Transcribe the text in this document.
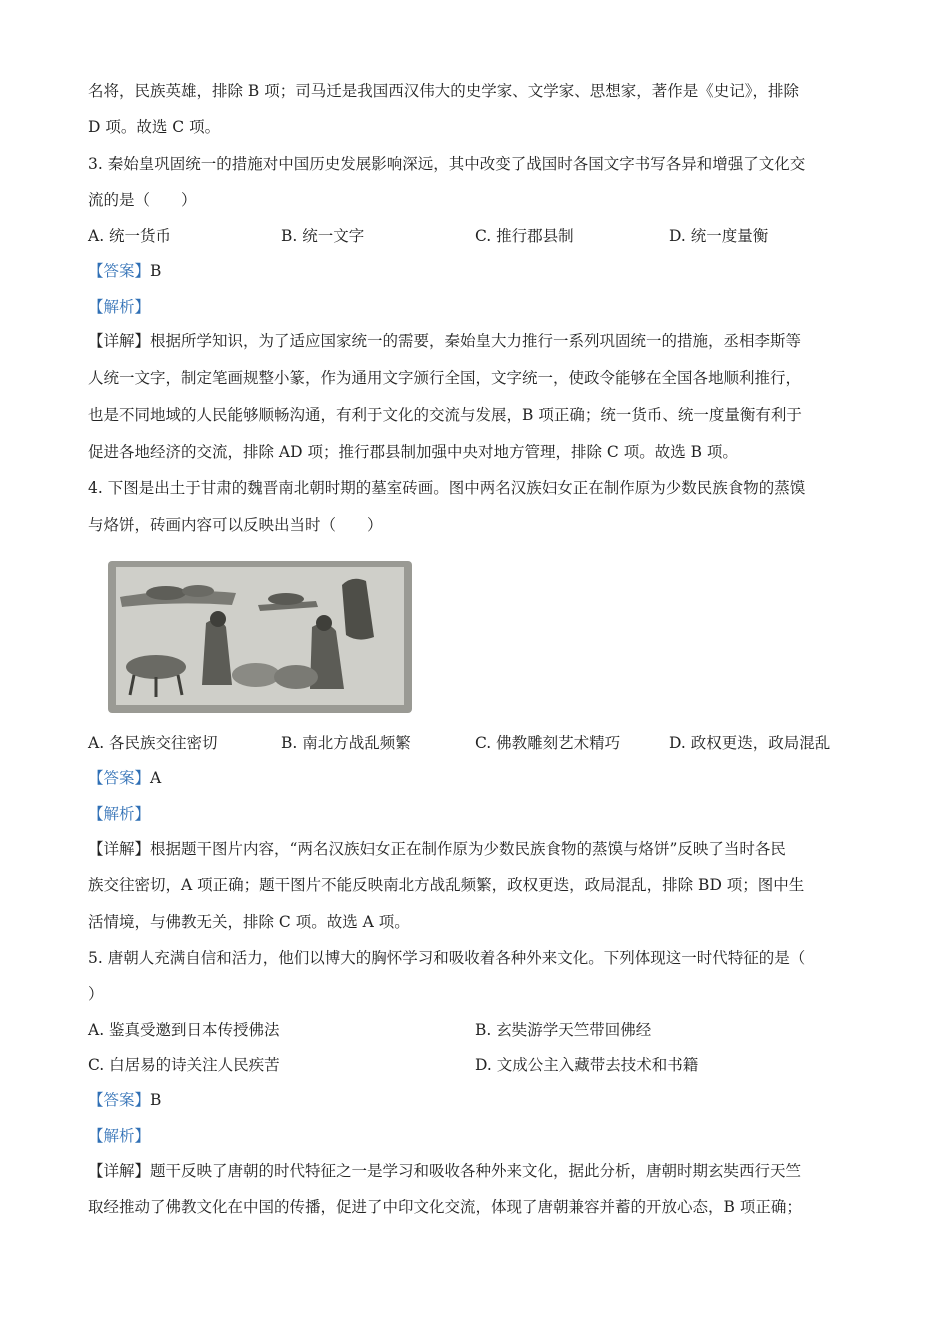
名将，民族英雄，排除 B 项；司马迁是我国西汉伟大的史学家、文学家、思想家，著作是《史记》，排除
D 项。故选 C 项。
3. 秦始皇巩固统一的措施对中国历史发展影响深远，其中改变了战国时各国文字书写各异和增强了文化交
流的是（　　）
A. 统一货币	B. 统一文字	C. 推行郡县制	D. 统一度量衡
【答案】B
【解析】
【详解】根据所学知识，为了适应国家统一的需要，秦始皇大力推行一系列巩固统一的措施，丞相李斯等
人统一文字，制定笔画规整小篆，作为通用文字颁行全国，文字统一，使政令能够在全国各地顺利推行，
也是不同地域的人民能够顺畅沟通，有利于文化的交流与发展，B 项正确；统一货币、统一度量衡有利于
促进各地经济的交流，排除 AD 项；推行郡县制加强中央对地方管理，排除 C 项。故选 B 项。
4. 下图是出土于甘肃的魏晋南北朝时期的墓室砖画。图中两名汉族妇女正在制作原为少数民族食物的蒸馍
与烙饼，砖画内容可以反映出当时（　　）
A. 各民族交往密切	B. 南北方战乱频繁	C. 佛教雕刻艺术精巧	D. 政权更迭，政局混乱
【答案】A
【解析】
【详解】根据题干图片内容，“两名汉族妇女正在制作原为少数民族食物的蒸馍与烙饼”反映了当时各民
族交往密切，A 项正确；题干图片不能反映南北方战乱频繁，政权更迭，政局混乱，排除 BD 项；图中生
活情境，与佛教无关，排除 C 项。故选 A 项。
5. 唐朝人充满自信和活力，他们以博大的胸怀学习和吸收着各种外来文化。下列体现这一时代特征的是（
）
A. 鉴真受邀到日本传授佛法	B. 玄奘游学天竺带回佛经
C. 白居易的诗关注人民疾苦	D. 文成公主入藏带去技术和书籍
【答案】B
【解析】
【详解】题干反映了唐朝的时代特征之一是学习和吸收各种外来文化，据此分析，唐朝时期玄奘西行天竺
取经推动了佛教文化在中国的传播，促进了中印文化交流，体现了唐朝兼容并蓄的开放心态，B 项正确；
